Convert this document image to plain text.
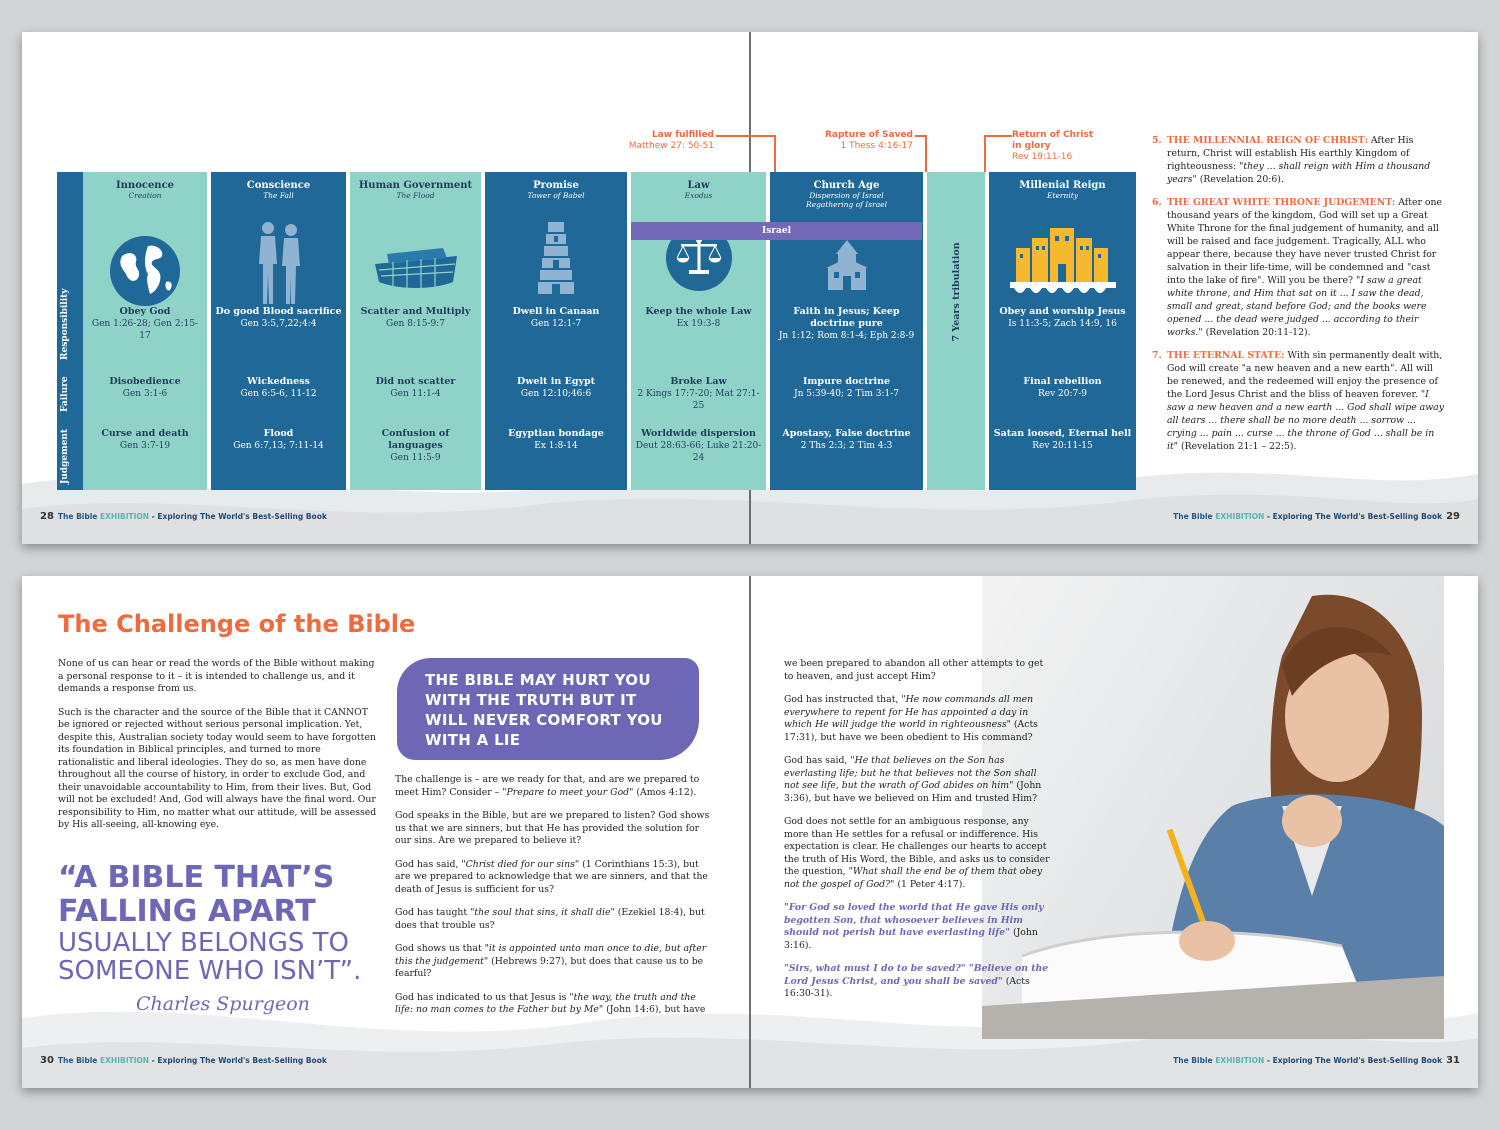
Law fulfilled
Matthew 27: 50-51
Rapture of Saved
1 Thess 4:16-17
Return of Christ
in glory
Rev 19:11-16
Responsibility
Failure
Judgement
Innocence
Creation
Obey God
Gen 1:26-28; Gen 2:15-17
Disobedience
Gen 3:1-6
Curse and death
Gen 3:7-19
Conscience
The Fall
Do good Blood sacrifice
Gen 3:5,7,22;4:4
Wickedness
Gen 6:5-6, 11-12
Flood
Gen 6:7,13; 7:11-14
Human Government
The Flood
Scatter and Multiply
Gen 8:15-9:7
Did not scatter
Gen 11:1-4
Confusion of languages
Gen 11:5-9
Promise
Tower of Babel
Dwell in Canaan
Gen 12:1-7
Dwelt in Egypt
Gen 12:10;46:6
Egyptian bondage
Ex 1:8-14
Law
Exodus
Keep the whole Law
Ex 19:3-8
Broke Law
2 Kings 17:7-20; Mat 27:1-25
Worldwide dispersion
Deut 28:63-66; Luke 21:20-24
Church Age
Dispersion of Israel
Regathering of Israel
Faith in Jesus; Keep doctrine pure
Jn 1:12; Rom 8:1-4; Eph 2:8-9
Impure doctrine
Jn 5:39-40; 2 Tim 3:1-7
Apostasy, False doctrine
2 Ths 2:3; 2 Tim 4:3
Israel
7 Years tribulation
Millenial Reign
Eternity
Obey and worship Jesus
Is 11:3-5; Zach 14:9, 16
Final rebellion
Rev 20:7-9
Satan loosed, Eternal hell
Rev 20:11-15
5. THE MILLENNIAL REIGN OF CHRIST: After His return, Christ will establish His earthly Kingdom of righteousness: "they ... shall reign with Him a thousand years" (Revelation 20:6).
6. THE GREAT WHITE THRONE JUDGEMENT: After one thousand years of the kingdom, God will set up a Great White Throne for the final judgement of humanity, and all will be raised and face judgement. Tragically, ALL who appear there, because they have never trusted Christ for salvation in their life-time, will be condemned and "cast into the lake of fire". Will you be there? "I saw a great white throne, and Him that sat on it ... I saw the dead, small and great, stand before God; and the books were opened ... the dead were judged ... according to their works." (Revelation 20:11-12).
7. THE ETERNAL STATE: With sin permanently dealt with, God will create "a new heaven and a new earth". All will be renewed, and the redeemed will enjoy the presence of the Lord Jesus Christ and the bliss of heaven forever. "I saw a new heaven and a new earth ... God shall wipe away all tears ... there shall be no more death ... sorrow ... crying ... pain ... curse ... the throne of God ... shall be in it" (Revelation 21:1 – 22:5).
28 The Bible EXHIBITION - Exploring The World's Best-Selling Book	The Bible EXHIBITION - Exploring The World's Best-Selling Book 29
The Challenge of the Bible

None of us can hear or read the words of the Bible without making a personal response to it – it is intended to challenge us, and it demands a response from us.

Such is the character and the source of the Bible that it CANNOT be ignored or rejected without serious personal implication. Yet, despite this, Australian society today would seem to have forgotten its foundation in Biblical principles, and turned to more rationalistic and liberal ideologies. They do so, as men have done throughout all the course of history, in order to exclude God, and their unavoidable accountability to Him, from their lives. But, God will not be excluded! And, God will always have the final word. Our responsibility to Him, no matter what our attitude, will be assessed by His all-seeing, all-knowing eye.

THE BIBLE MAY HURT YOU WITH THE TRUTH BUT IT WILL NEVER COMFORT YOU WITH A LIE
“A BIBLE THAT’S
FALLING APART
USUALLY BELONGS TO
SOMEONE WHO ISN’T”.
Charles Spurgeon

The challenge is – are we ready for that, and are we prepared to meet Him? Consider – "Prepare to meet your God" (Amos 4:12).

God speaks in the Bible, but are we prepared to listen? God shows us that we are sinners, but that He has provided the solution for our sins. Are we prepared to believe it?

God has said, "Christ died for our sins" (1 Corinthians 15:3), but are we prepared to acknowledge that we are sinners, and that the death of Jesus is sufficient for us?

God has taught "the soul that sins, it shall die" (Ezekiel 18:4), but does that trouble us?

God shows us that "it is appointed unto man once to die, but after this the judgement" (Hebrews 9:27), but does that cause us to be fearful?

God has indicated to us that Jesus is "the way, the truth and the life: no man comes to the Father but by Me" (John 14:6), but have

we been prepared to abandon all other attempts to get to heaven, and just accept Him?

God has instructed that, "He now commands all men everywhere to repent for He has appointed a day in which He will judge the world in righteousness" (Acts 17:31), but have we been obedient to His command?

God has said, "He that believes on the Son has everlasting life; but he that believes not the Son shall not see life, but the wrath of God abides on him" (John 3:36), but have we believed on Him and trusted Him?

God does not settle for an ambiguous response, any more than He settles for a refusal or indifference. His expectation is clear. He challenges our hearts to accept the truth of His Word, the Bible, and asks us to consider the question, "What shall the end be of them that obey not the gospel of God?" (1 Peter 4:17).

"For God so loved the world that He gave His only begotten Son, that whosoever believes in Him should not perish but have everlasting life" (John 3:16).

"Sirs, what must I do to be saved?" "Believe on the Lord Jesus Christ, and you shall be saved" (Acts 16:30-31).

30 The Bible EXHIBITION - Exploring The World's Best-Selling Book	The Bible EXHIBITION - Exploring The World's Best-Selling Book 31
